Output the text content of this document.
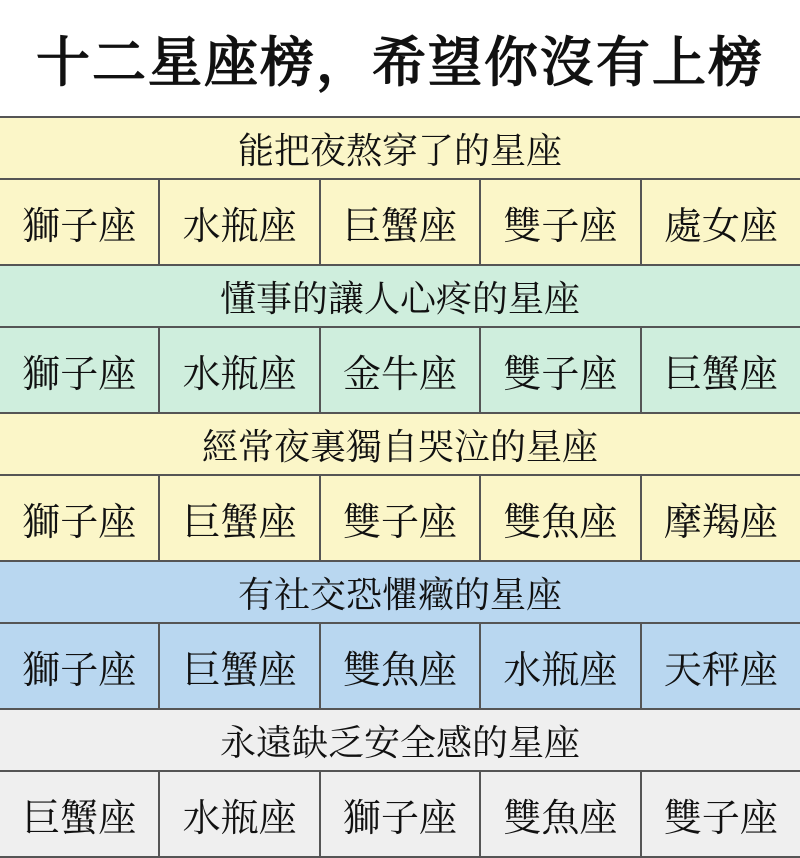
十二星座榜，希望你沒有上榜
能把夜熬穿了的星座
獅子座	水瓶座	巨蟹座	雙子座	處女座
懂事的讓人心疼的星座
獅子座	水瓶座	金牛座	雙子座	巨蟹座
經常夜裏獨自哭泣的星座
獅子座	巨蟹座	雙子座	雙魚座	摩羯座
有社交恐懼癥的星座
獅子座	巨蟹座	雙魚座	水瓶座	天秤座
永遠缺乏安全感的星座
巨蟹座	水瓶座	獅子座	雙魚座	雙子座
